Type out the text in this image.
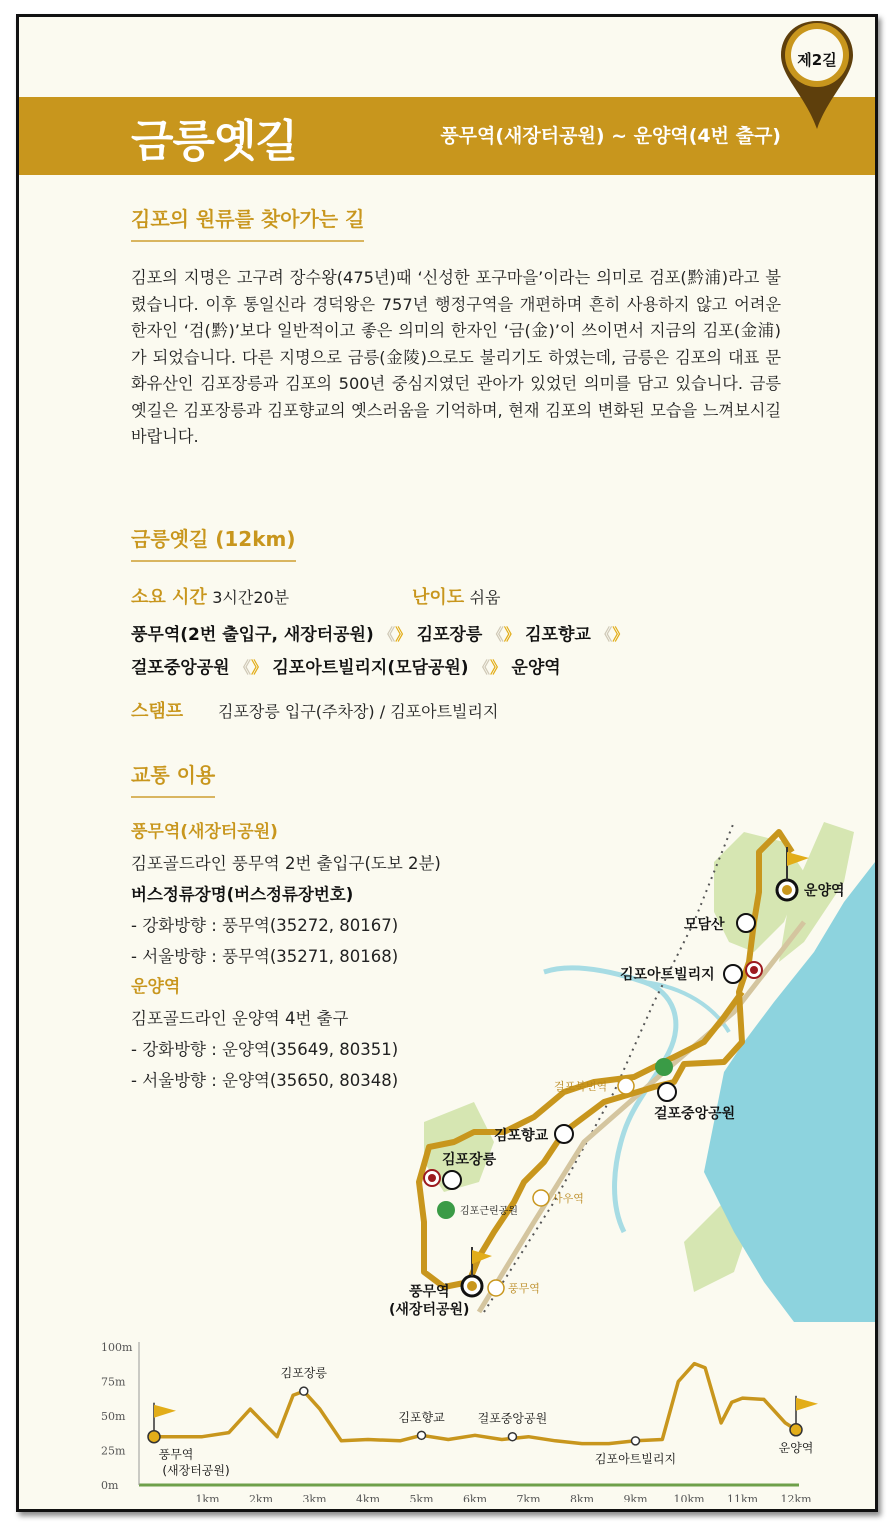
금릉옛길	풍무역(새장터공원) ~ 운양역(4번 출구)
제2길
김포의 원류를 찾아가는 길
김포의 지명은 고구려 장수왕(475년)때 ‘신성한 포구마을’이라는 의미로 검포(黔浦)라고 불렸습니다. 이후 통일신라 경덕왕은 757년 행정구역을 개편하며 흔히 사용하지 않고 어려운 한자인 ‘검(黔)’보다 일반적이고 좋은 의미의 한자인 ‘금(金)’이 쓰이면서 지금의 김포(金浦)가 되었습니다. 다른 지명으로 금릉(金陵)으로도 불리기도 하였는데, 금릉은 김포의 대표 문화유산인 김포장릉과 김포의 500년 중심지였던 관아가 있었던 의미를 담고 있습니다. 금릉옛길은 김포장릉과 김포향교의 옛스러움을 기억하며, 현재 김포의 변화된 모습을 느껴보시길 바랍니다.
금릉옛길 (12km)
소요 시간 3시간20분	난이도 쉬움
풍무역(2번 출입구, 새장터공원) 《》 김포장릉 《》 김포향교 《》
걸포중앙공원 《》 김포아트빌리지(모담공원) 《》 운양역
스탬프 김포장릉 입구(주차장) / 김포아트빌리지
교통 이용
풍무역(새장터공원)
김포골드라인 풍무역 2번 출입구(도보 2분)
버스정류장명(버스정류장번호)
- 강화방향 : 풍무역(35272, 80167)
- 서울방향 : 풍무역(35271, 80168)
운양역
김포골드라인 운양역 4번 출구
- 강화방향 : 운양역(35649, 80351)
- 서울방향 : 운양역(35650, 80348)
운양역
모담산
김포아트빌리지
걸포북변역
걸포중앙공원
김포향교
김포장릉
사우역
김포근린공원
풍무역
풍무역
(새장터공원)
0m
25m
50m
75m
100m
1km	2km	3km	4km	5km	6km	7km	8km	9km 10km 11km 12km
풍무역
(새장터공원)
김포장릉
김포향교	걸포중앙공원
김포아트빌리지
운양역
